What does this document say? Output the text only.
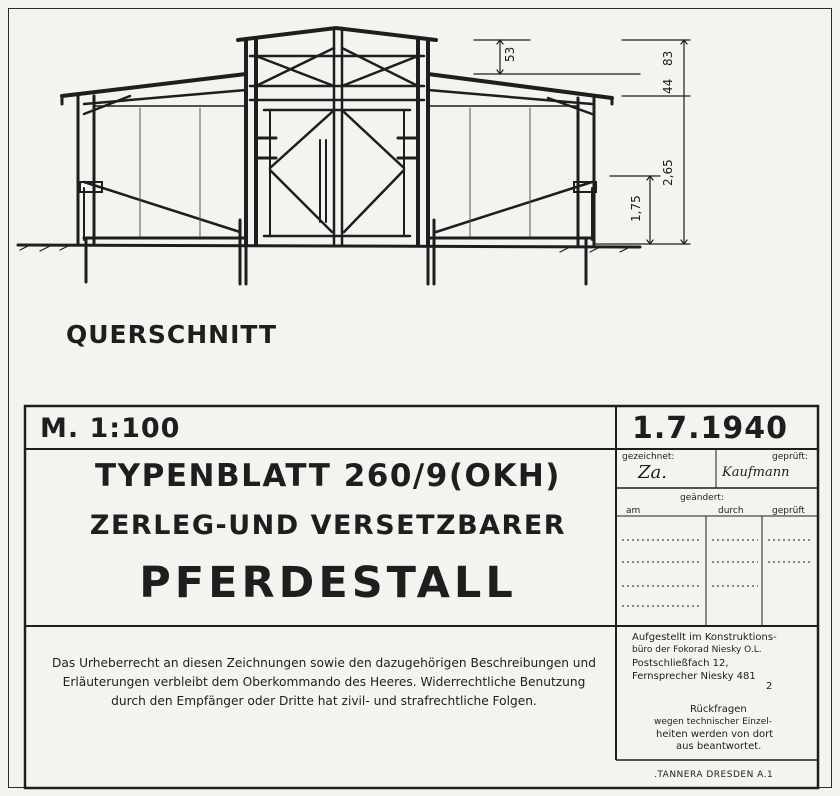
53
44
83
2,65
1,75
QUERSCHNITT
M. 1:100	1.7.1940
TYPENBLATT 260/9(OKH)
ZERLEG-UND VERSETZBARER
PFERDESTALL
gezeichnet:
Za.
geprüft:
Kaufmann
geändert:
am	durch	geprüft
Das Urheberrecht an diesen Zeichnungen sowie den dazugehörigen Beschreibungen und Erläuterungen verbleibt dem Oberkommando des Heeres. Widerrechtliche Benutzung durch den Empfänger oder Dritte hat zivil- und strafrechtliche Folgen.
Aufgestellt im Konstruktions-
büro der Fokorad Niesky O.L.
Postschließfach 12,
Fernsprecher Niesky 481
2
Rückfragen
wegen technischer Einzel-
heiten werden von dort
aus beantwortet.
.TANNERA DRESDEN A.1
